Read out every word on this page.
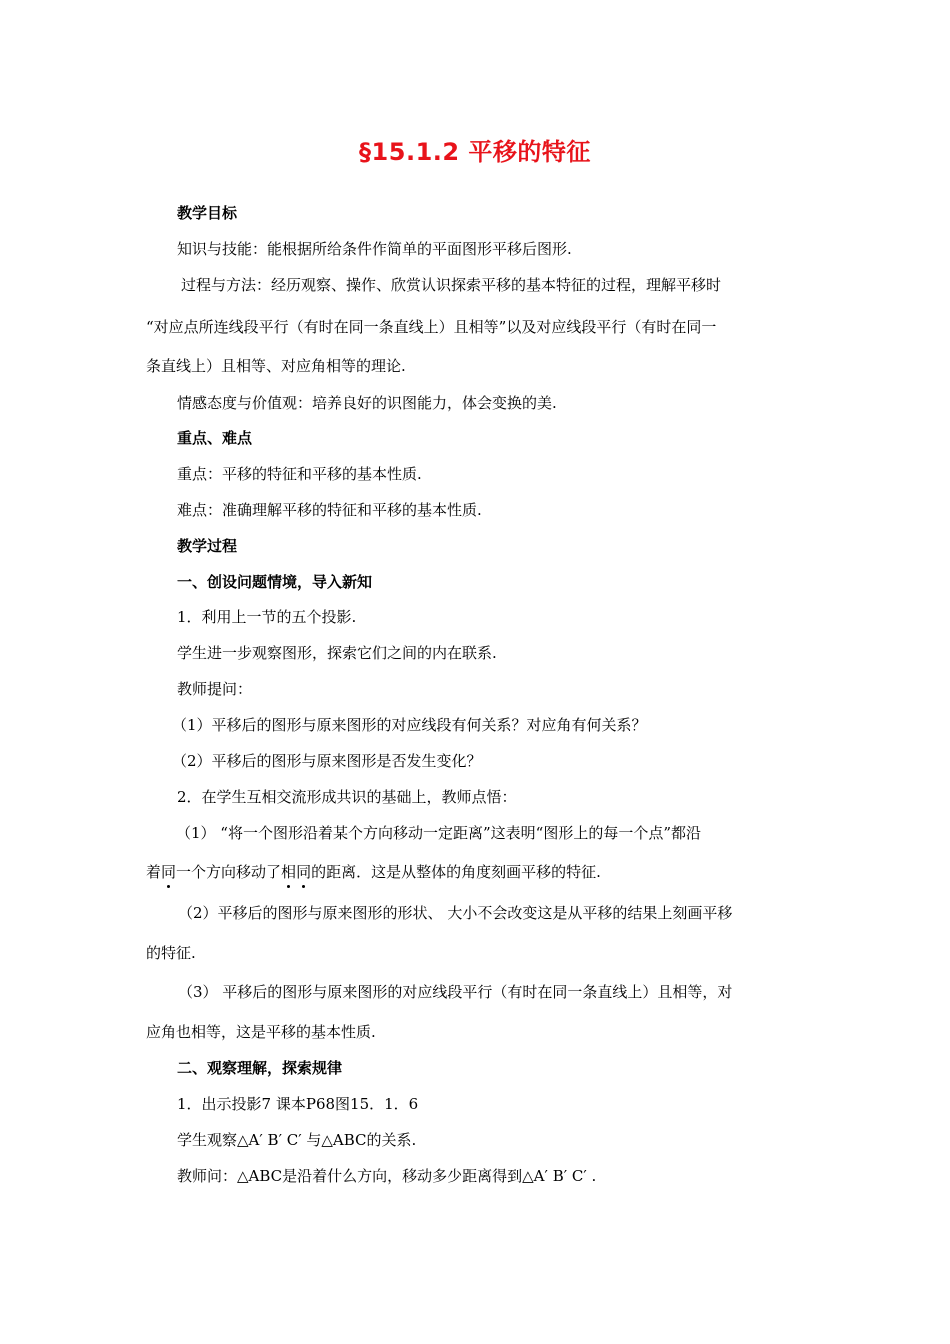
§15.1.2 平移的特征
教学目标
知识与技能：能根据所给条件作简单的平面图形平移后图形.
过程与方法：经历观察、操作、欣赏认识探索平移的基本特征的过程，理解平移时
“对应点所连线段平行（有时在同一条直线上）且相等”以及对应线段平行（有时在同一
条直线上）且相等、对应角相等的理论.
情感态度与价值观：培养良好的识图能力，体会变换的美.
重点、难点
重点：平移的特征和平移的基本性质.
难点：准确理解平移的特征和平移的基本性质.
教学过程
一、创设问题情境，导入新知
1．利用上一节的五个投影.
学生进一步观察图形，探索它们之间的内在联系.
教师提问：
（1）平移后的图形与原来图形的对应线段有何关系？对应角有何关系？
（2）平移后的图形与原来图形是否发生变化？
2．在学生互相交流形成共识的基础上，教师点悟：
（1） “将一个图形沿着某个方向移动一定距离”这表明“图形上的每一个点”都沿
着同一个方向移动了相同的距离．这是从整体的角度刻画平移的特征.
（2）平移后的图形与原来图形的形状、 大小不会改变这是从平移的结果上刻画平移
的特征.
（3） 平移后的图形与原来图形的对应线段平行（有时在同一条直线上）且相等，对
应角也相等，这是平移的基本性质.
二、观察理解，探索规律
1．出示投影7 课本P68图15．1．6
学生观察△A′ B′ C′ 与△ABC的关系.
教师问：△ABC是沿着什么方向，移动多少距离得到△A′ B′ C′ .
